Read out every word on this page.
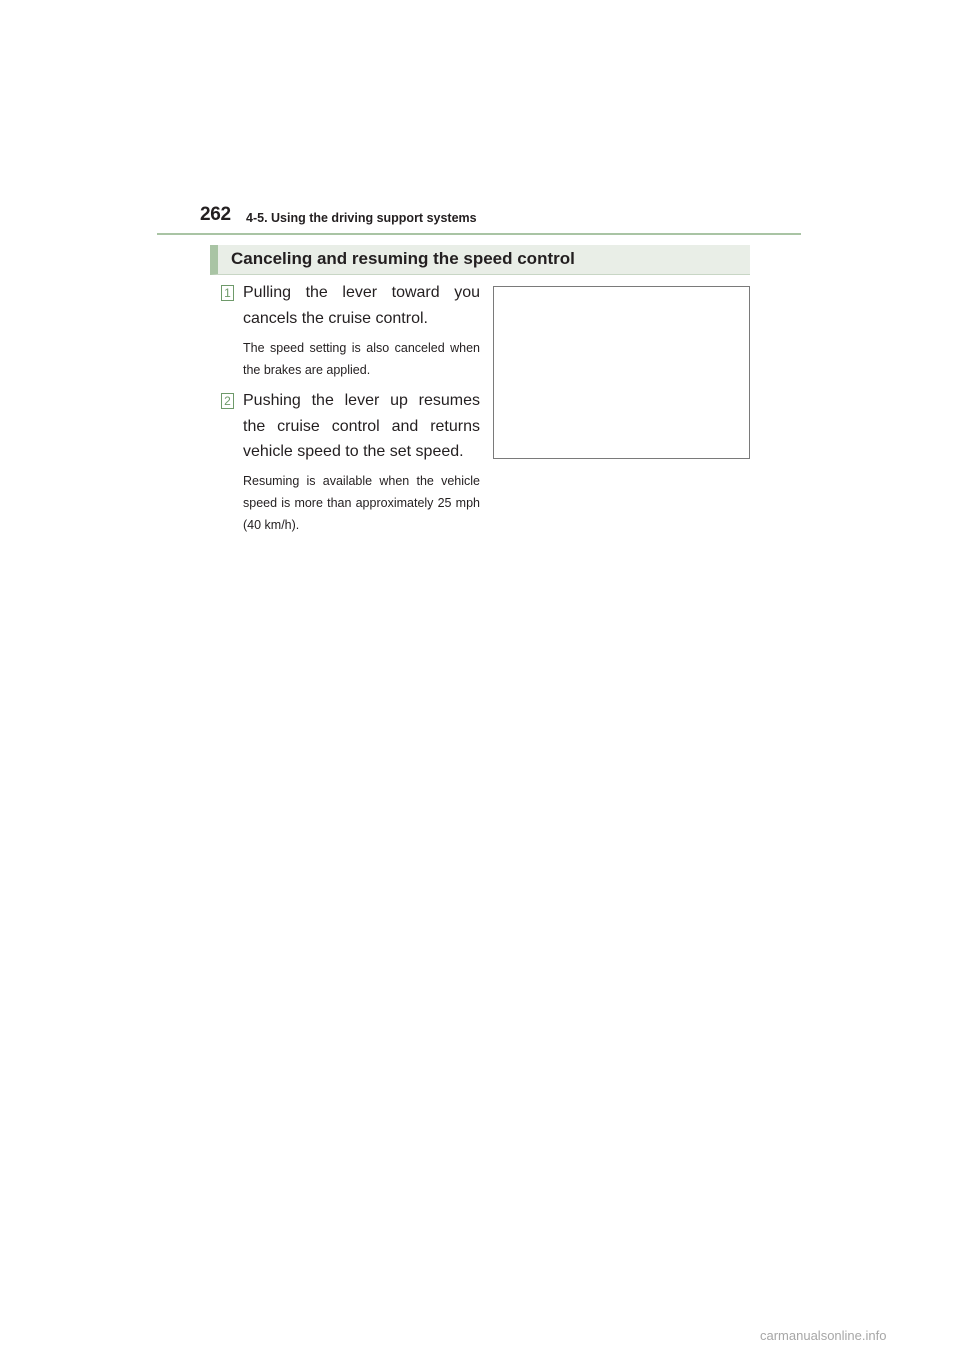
262 4-5. Using the driving support systems
Canceling and resuming the speed control
1 Pulling the lever toward you cancels the cruise control.
The speed setting is also canceled when the brakes are applied.
2 Pushing the lever up resumes the cruise control and returns vehicle speed to the set speed.
Resuming is available when the vehicle speed is more than approximately 25 mph (40 km/h).
carmanualsonline.info
